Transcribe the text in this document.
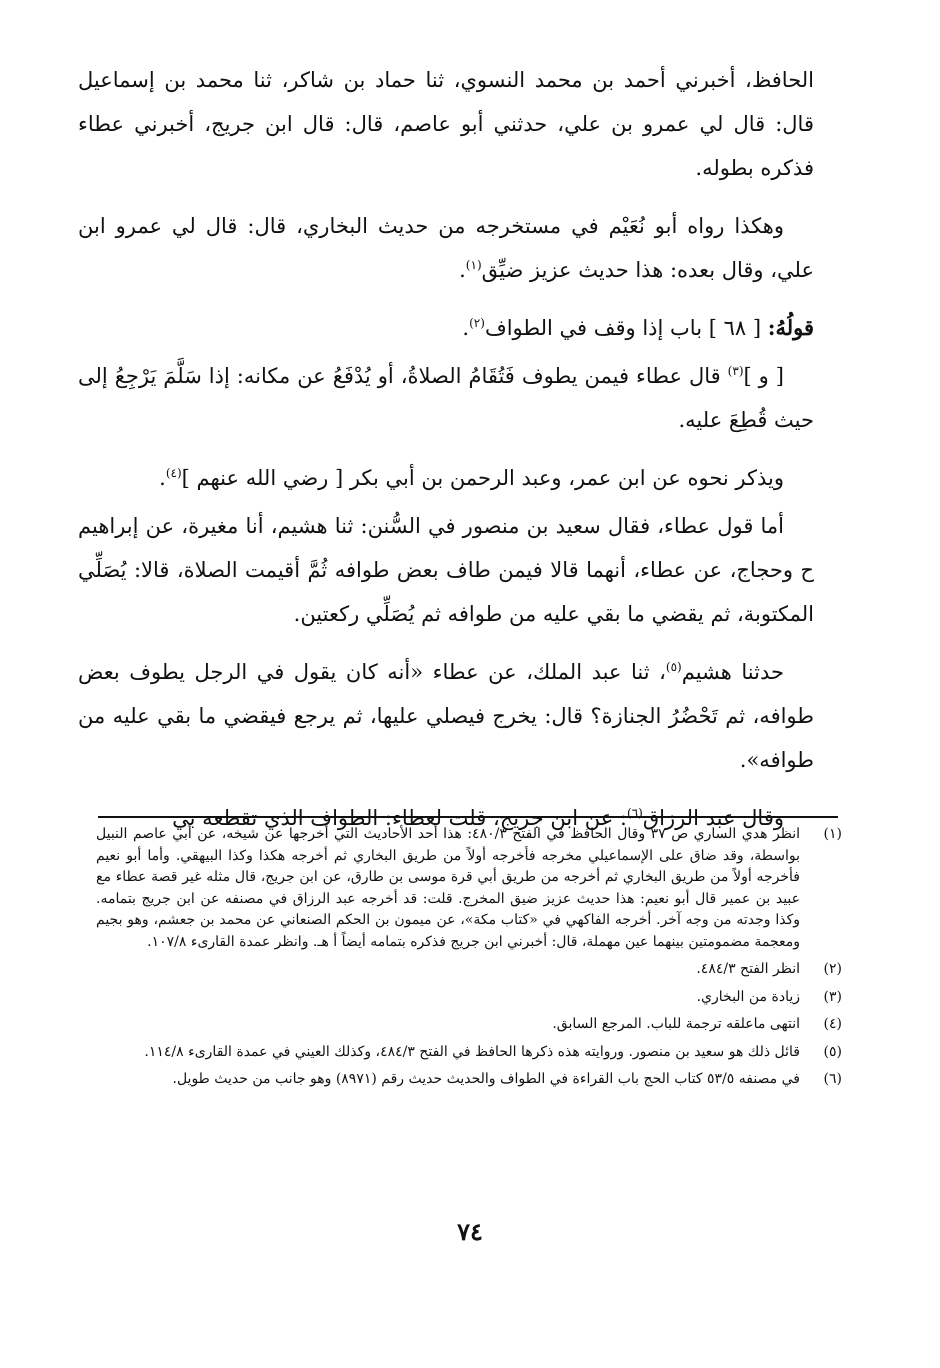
الحافظ، أخبرني أحمد بن محمد النسوي، ثنا حماد بن شاكر، ثنا محمد بن إسماعيل قال: قال لي عمرو بن علي، حدثني أبو عاصم، قال: قال ابن جريج، أخبرني عطاء فذكره بطوله.

وهكذا رواه أبو نُعَيْم في مستخرجه من حديث البخاري، قال: قال لي عمرو ابن علي، وقال بعده: هذا حديث عزيز ضيِّق$^{(١)}$.

قولُهُ: [ ٦٨ ] باب إذا وقف في الطواف$^{(٢)}$.

[ و ]$^{(٣)}$ قال عطاء فيمن يطوف فَتُقَامُ الصلاةُ، أو يُدْفَعُ عن مكانه: إذا سَلَّمَ يَرْجِعُ إلى حيث قُطِعَ عليه.

ويذكر نحوه عن ابن عمر، وعبد الرحمن بن أبي بكر [ رضي الله عنهم ]$^{(٤)}$.

أما قول عطاء، فقال سعيد بن منصور في السُّنن: ثنا هشيم، أنا مغيرة، عن إبراهيم ح وحجاج، عن عطاء، أنهما قالا فيمن طاف بعض طوافه ثُمَّ أقيمت الصلاة، قالا: يُصَلِّي المكتوبة، ثم يقضي ما بقي عليه من طوافه ثم يُصَلِّي ركعتين.

حدثنا هشيم$^{(٥)}$، ثنا عبد الملك، عن عطاء «أنه كان يقول في الرجل يطوف بعض طوافه، ثم تَحْضُرُ الجنازة؟ قال: يخرج فيصلي عليها، ثم يرجع فيقضي ما بقي عليه من طوافه».

وقال عبد الرزاق$^{(٦)}$: عن ابن جريج، قلت لعطاء: الطواف الذي تقطعه بي

(١)
انظر هدي الساري ص ٣٧ وقال الحافظ في الفتح ٤٨٠/٣: هذا أحد الأحاديث التي أخرجها عن شيخه، عن أبي عاصم النبيل بواسطة، وقد ضاق على الإسماعيلي مخرجه فأخرجه أولاً من طريق البخاري ثم أخرجه هكذا وكذا البيهقي. وأما أبو نعيم فأخرجه أولاً من طريق البخاري ثم أخرجه من طريق أبي قرة موسى بن طارق، عن ابن جريج، قال مثله غير قصة عطاء مع عبيد بن عمير قال أبو نعيم: هذا حديث عزيز ضيق المخرج. قلت: قد أخرجه عبد الرزاق في مصنفه عن ابن جريج بتمامه. وكذا وجدته من وجه آخر. أخرجه الفاكهي في «كتاب مكة»، عن ميمون بن الحكم الصنعاني عن محمد بن جعشم، وهو بجيم ومعجمة مضمومتين بينهما عين مهملة، قال: أخبرني ابن جريج فذكره بتمامه أيضاً أ هـ. وانظر عمدة القارىء ١٠٧/٨.
(٢)
انظر الفتح ٤٨٤/٣.
(٣)
زيادة من البخاري.
(٤)
انتهى ماعلقه ترجمة للباب. المرجع السابق.
(٥)
قائل ذلك هو سعيد بن منصور. وروايته هذه ذكرها الحافظ في الفتح ٤٨٤/٣، وكذلك العيني في عمدة القارىء ١١٤/٨.
(٦)
في مصنفه ٥٣/٥ كتاب الحج باب القراءة في الطواف والحديث حديث رقم (٨٩٧١) وهو جانب من حديث طويل.
٧٤
